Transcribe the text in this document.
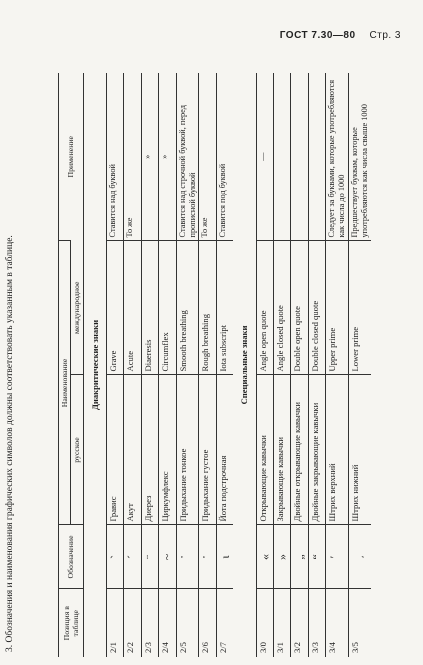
ГОСТ 7.30—80 Стр. 3
3. Обозначения и наименования графических символов должны соответствовать указанным в таблице.	Позиция в таблице	Обозначение	Наименование		Применение
		русское	международное	
Диакритические знаки				
2/1	`	Гравис	Grave	Ставится над буквой
2/2	´	Акут	Acute	То же
2/3	¨	Диерез	Diaeresis	»
2/4	~	Циркумфлекс	Circumflex	»
2/5	᾿	Придыхание тонкое	Smooth breathing	Ставится над строчной буквой, перед прописной буквой
2/6	῾	Придыхание густое	Rough breathing	То же
2/7	ι	Йота подстрочная	Iota subscript	Ставится под буквой
Специальные знаки				
3/0	«	Открывающие кавычки	Angle open quote	—
3/1	»	Закрывающие кавычки	Angle closed quote	
3/2	„	Двойные открывающие кавычки	Double open quote	
3/3	“	Двойные закрывающие кавычки	Double closed quote	
3/4	′	Штрих верхний	Upper prime	Следует за буквами, которые употребляются как числа до 1000
3/5	͵	Штрих нижний	Lower prime	Предшествует буквам, которые употребляются как числа свыше 1000
